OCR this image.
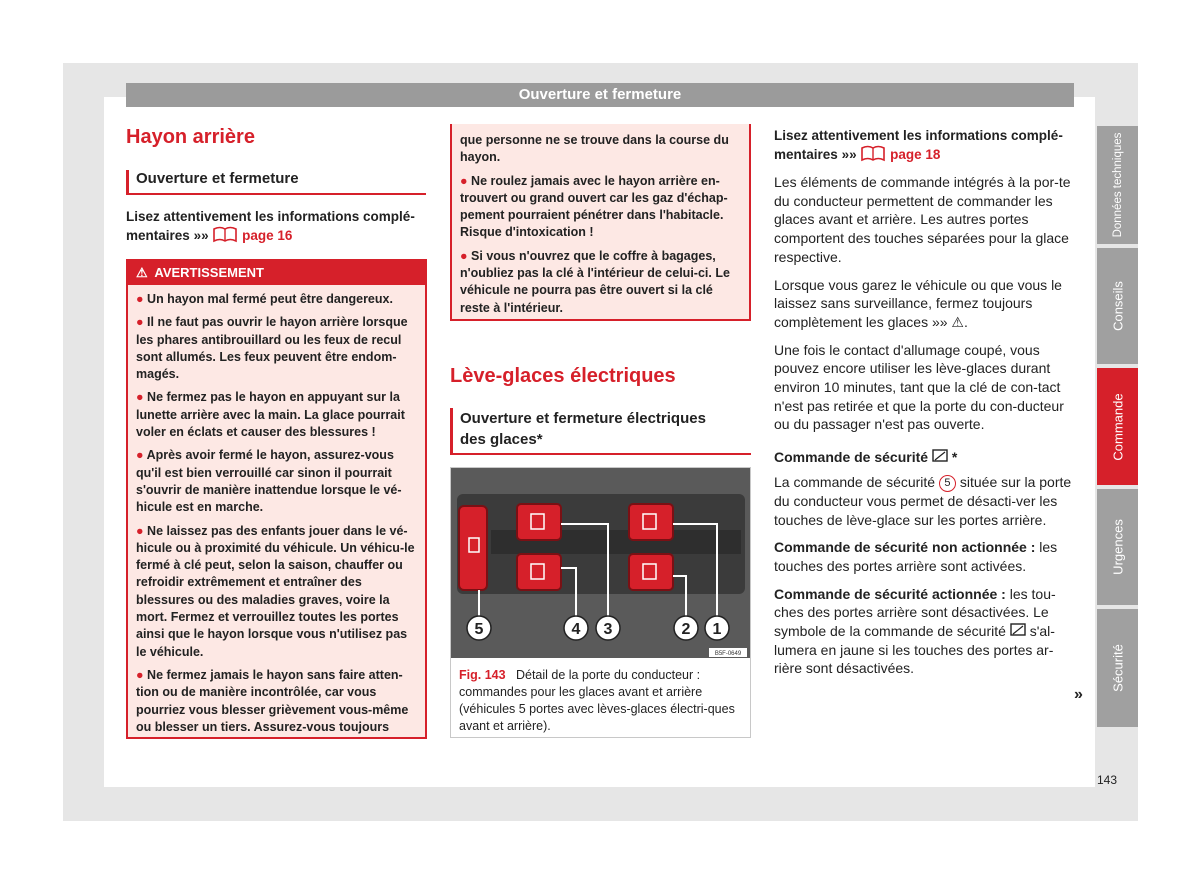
Ouverture et fermeture
Hayon arrière
Ouverture et fermeture
Lisez attentivement les informations complé-
mentaires »» page 16
⚠ AVERTISSEMENT

● Un hayon mal fermé peut être dangereux.

● Il ne faut pas ouvrir le hayon arrière lorsque les phares antibrouillard ou les feux de recul sont allumés. Les feux peuvent être endom-magés.

● Ne fermez pas le hayon en appuyant sur la lunette arrière avec la main. La glace pourrait voler en éclats et causer des blessures !

● Après avoir fermé le hayon, assurez-vous qu'il est bien verrouillé car sinon il pourrait s'ouvrir de manière inattendue lorsque le vé-hicule est en marche.

● Ne laissez pas des enfants jouer dans le vé-hicule ou à proximité du véhicule. Un véhicu-le fermé à clé peut, selon la saison, chauffer ou refroidir extrêmement et entraîner des blessures ou des maladies graves, voire la mort. Fermez et verrouillez toutes les portes ainsi que le hayon lorsque vous n'utilisez pas le véhicule.

● Ne fermez jamais le hayon sans faire atten-tion ou de manière incontrôlée, car vous pourriez vous blesser grièvement vous-même ou blesser un tiers. Assurez-vous toujours

que personne ne se trouve dans la course du hayon.

● Ne roulez jamais avec le hayon arrière en-trouvert ou grand ouvert car les gaz d'échap-pement pourraient pénétrer dans l'habitacle. Risque d'intoxication !

● Si vous n'ouvrez que le coffre à bagages, n'oubliez pas la clé à l'intérieur de celui-ci. Le véhicule ne pourra pas être ouvert si la clé reste à l'intérieur.

Lève-glaces électriques
Ouverture et fermeture électriques
des glaces*
5	4 3	2 1
B5F-0649
Fig. 143 Détail de la porte du conducteur : commandes pour les glaces avant et arrière (véhicules 5 portes avec lèves-glaces électri-ques avant et arrière).
Lisez attentivement les informations complé-
mentaires »» page 18

Les éléments de commande intégrés à la por-te du conducteur permettent de commander les glaces avant et arrière. Les autres portes comportent des touches séparées pour la glace respective.

Lorsque vous garez le véhicule ou que vous le laissez sans surveillance, fermez toujours complètement les glaces »» ⚠.

Une fois le contact d'allumage coupé, vous pouvez encore utiliser les lève-glaces durant environ 10 minutes, tant que la clé de con-tact n'est pas retirée et que la porte du con-ducteur ou du passager n'est pas ouverte.

Commande de sécurité *

La commande de sécurité 5 située sur la porte du conducteur vous permet de désacti-ver les touches de lève-glace sur les portes arrière.

Commande de sécurité non actionnée : les touches des portes arrière sont activées.

Commande de sécurité actionnée : les tou-ches des portes arrière sont désactivées. Le symbole de la commande de sécurité s'al-lumera en jaune si les touches des portes ar-rière sont désactivées.

»
Données techniques
Conseils
Commande
Urgences
Sécurité
143
